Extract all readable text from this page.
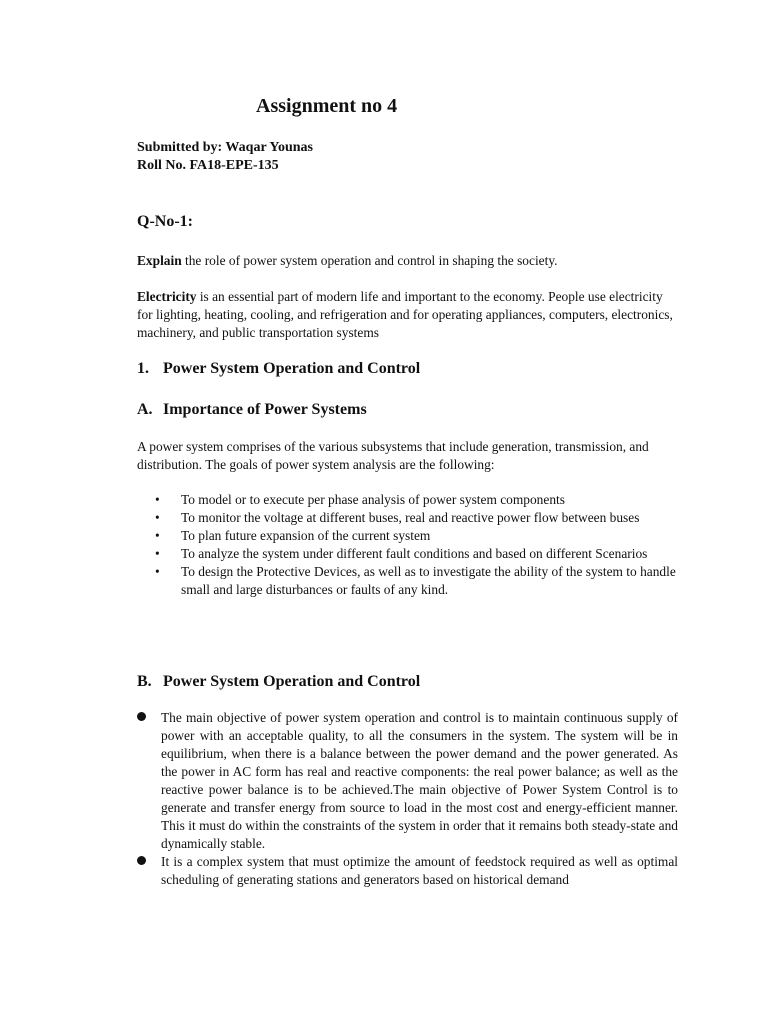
Assignment no 4
Submitted by: Waqar Younas
Roll No. FA18-EPE-135
Q-No-1:
Explain the role of power system operation and control in shaping the society.
Electricity is an essential part of modern life and important to the economy. People use electricity for lighting, heating, cooling, and refrigeration and for operating appliances, computers, electronics, machinery, and public transportation systems
1. Power System Operation and Control
A. Importance of Power Systems
A power system comprises of the various subsystems that include generation, transmission, and distribution. The goals of power system analysis are the following:
• To model or to execute per phase analysis of power system components
• To monitor the voltage at different buses, real and reactive power flow between buses
• To plan future expansion of the current system
• To analyze the system under different fault conditions and based on different Scenarios
• To design the Protective Devices, as well as to investigate the ability of the system to handle small and large disturbances or faults of any kind.
B. Power System Operation and Control
The main objective of power system operation and control is to maintain continuous supply of power with an acceptable quality, to all the consumers in the system. The system will be in equilibrium, when there is a balance between the power demand and the power generated. As the power in AC form has real and reactive components: the real power balance; as well as the reactive power balance is to be achieved.The main objective of Power System Control is to generate and transfer energy from source to load in the most cost and energy-efficient manner. This it must do within the constraints of the system in order that it remains both steady-state and dynamically stable.
It is a complex system that must optimize the amount of feedstock required as well as optimal scheduling of generating stations and generators based on historical demand
